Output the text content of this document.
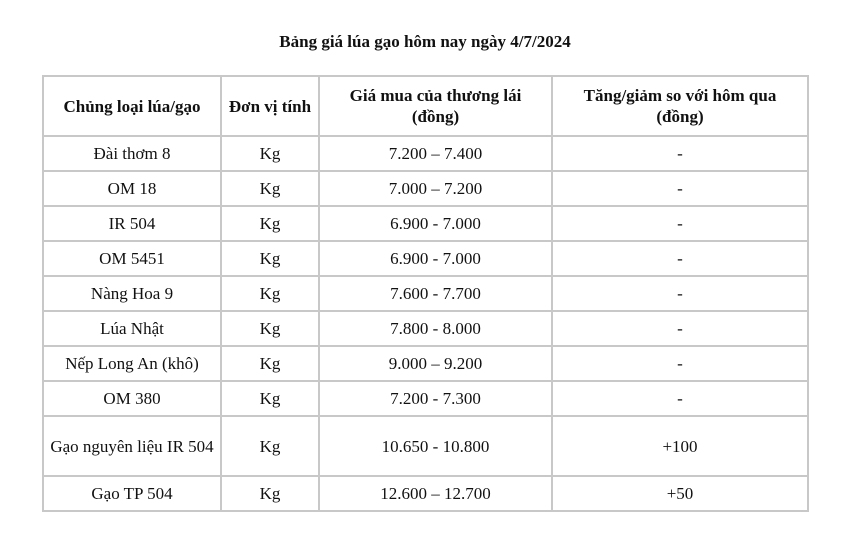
Bảng giá lúa gạo hôm nay ngày 4/7/2024
Chủng loại lúa/gạo	Đơn vị tính	Giá mua của thương lái (đồng)	Tăng/giảm so với hôm qua (đồng)
Đài thơm 8	Kg	7.200 – 7.400	-
OM 18	Kg	7.000 – 7.200	-
IR 504	Kg	6.900 - 7.000	-
OM 5451	Kg	6.900 - 7.000	-
Nàng Hoa 9	Kg	7.600 - 7.700	-
Lúa Nhật	Kg	7.800 - 8.000	-
Nếp Long An (khô)	Kg	9.000 – 9.200	-
OM 380	Kg	7.200 - 7.300	-
Gạo nguyên liệu IR 504	Kg	10.650 - 10.800	+100
Gạo TP 504	Kg	12.600 – 12.700	+50
